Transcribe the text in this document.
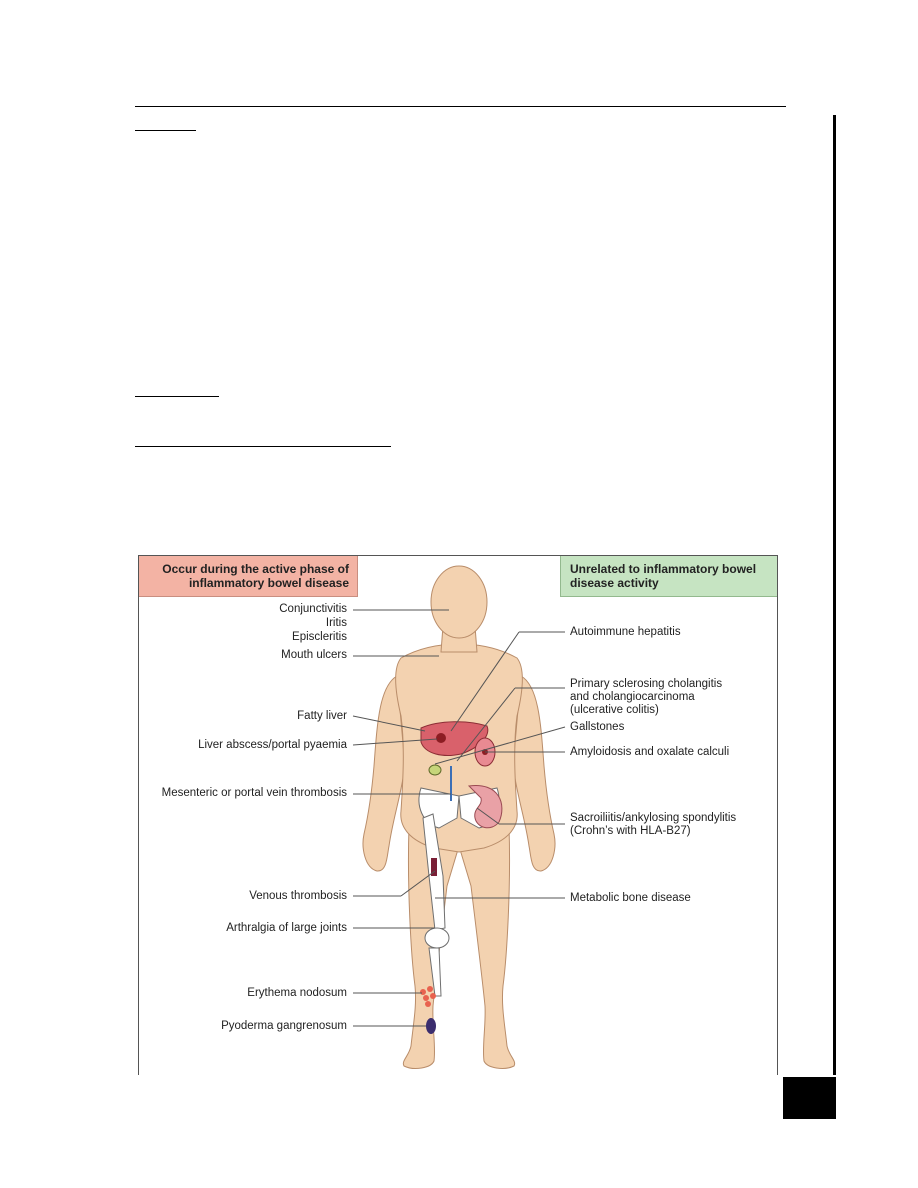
Occur during the active phase of inflammatory bowel disease
Unrelated to inflammatory bowel disease activity
Conjunctivitis
Iritis
Episcleritis
Mouth ulcers
Fatty liver
Liver abscess/portal pyaemia
Mesenteric or portal vein thrombosis
Venous thrombosis
Arthralgia of large joints
Erythema nodosum
Pyoderma gangrenosum
Autoimmune hepatitis
Primary sclerosing cholangitis
and cholangiocarcinoma
(ulcerative colitis)
Gallstones
Amyloidosis and oxalate calculi
Sacroiliitis/ankylosing spondylitis
(Crohn’s with HLA-B27)
Metabolic bone disease
